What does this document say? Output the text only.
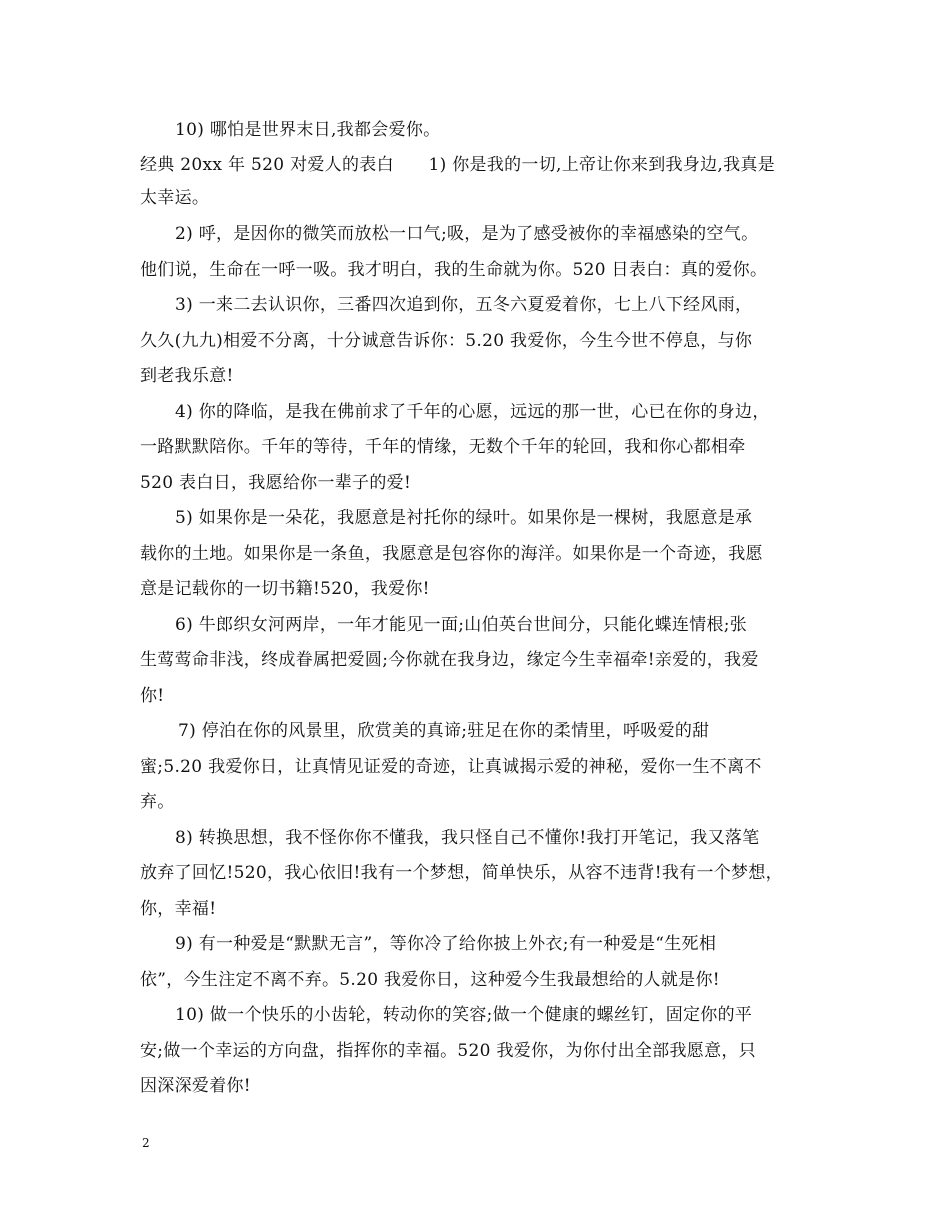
10) 哪怕是世界末日,我都会爱你。
经典 20xx 年 520 对爱人的表白　　1) 你是我的一切,上帝让你来到我身边,我真是
太幸运。
2) 呼，是因你的微笑而放松一口气;吸，是为了感受被你的幸福感染的空气。
他们说，生命在一呼一吸。我才明白，我的生命就为你。520 日表白：真的爱你。
3) 一来二去认识你，三番四次追到你，五冬六夏爱着你，七上八下经风雨，
久久(九九)相爱不分离，十分诚意告诉你：5.20 我爱你，今生今世不停息，与你
到老我乐意!
4) 你的降临，是我在佛前求了千年的心愿，远远的那一世，心已在你的身边，
一路默默陪你。千年的等待，千年的情缘，无数个千年的轮回，我和你心都相牵
520 表白日，我愿给你一辈子的爱!
5) 如果你是一朵花，我愿意是衬托你的绿叶。如果你是一棵树，我愿意是承
载你的土地。如果你是一条鱼，我愿意是包容你的海洋。如果你是一个奇迹，我愿
意是记载你的一切书籍!520，我爱你!
6) 牛郎织女河两岸，一年才能见一面;山伯英台世间分，只能化蝶连情根;张
生莺莺命非浅，终成眷属把爱圆;今你就在我身边，缘定今生幸福牵!亲爱的，我爱
你!
7) 停泊在你的风景里，欣赏美的真谛;驻足在你的柔情里，呼吸爱的甜
蜜;5.20 我爱你日，让真情见证爱的奇迹，让真诚揭示爱的神秘，爱你一生不离不
弃。
8) 转换思想，我不怪你你不懂我，我只怪自己不懂你!我打开笔记，我又落笔
放弃了回忆!520，我心依旧!我有一个梦想，简单快乐，从容不违背!我有一个梦想，
你，幸福!
9) 有一种爱是“默默无言”，等你冷了给你披上外衣;有一种爱是“生死相
依”，今生注定不离不弃。5.20 我爱你日，这种爱今生我最想给的人就是你!
10) 做一个快乐的小齿轮，转动你的笑容;做一个健康的螺丝钉，固定你的平
安;做一个幸运的方向盘，指挥你的幸福。520 我爱你，为你付出全部我愿意，只
因深深爱着你!
2
